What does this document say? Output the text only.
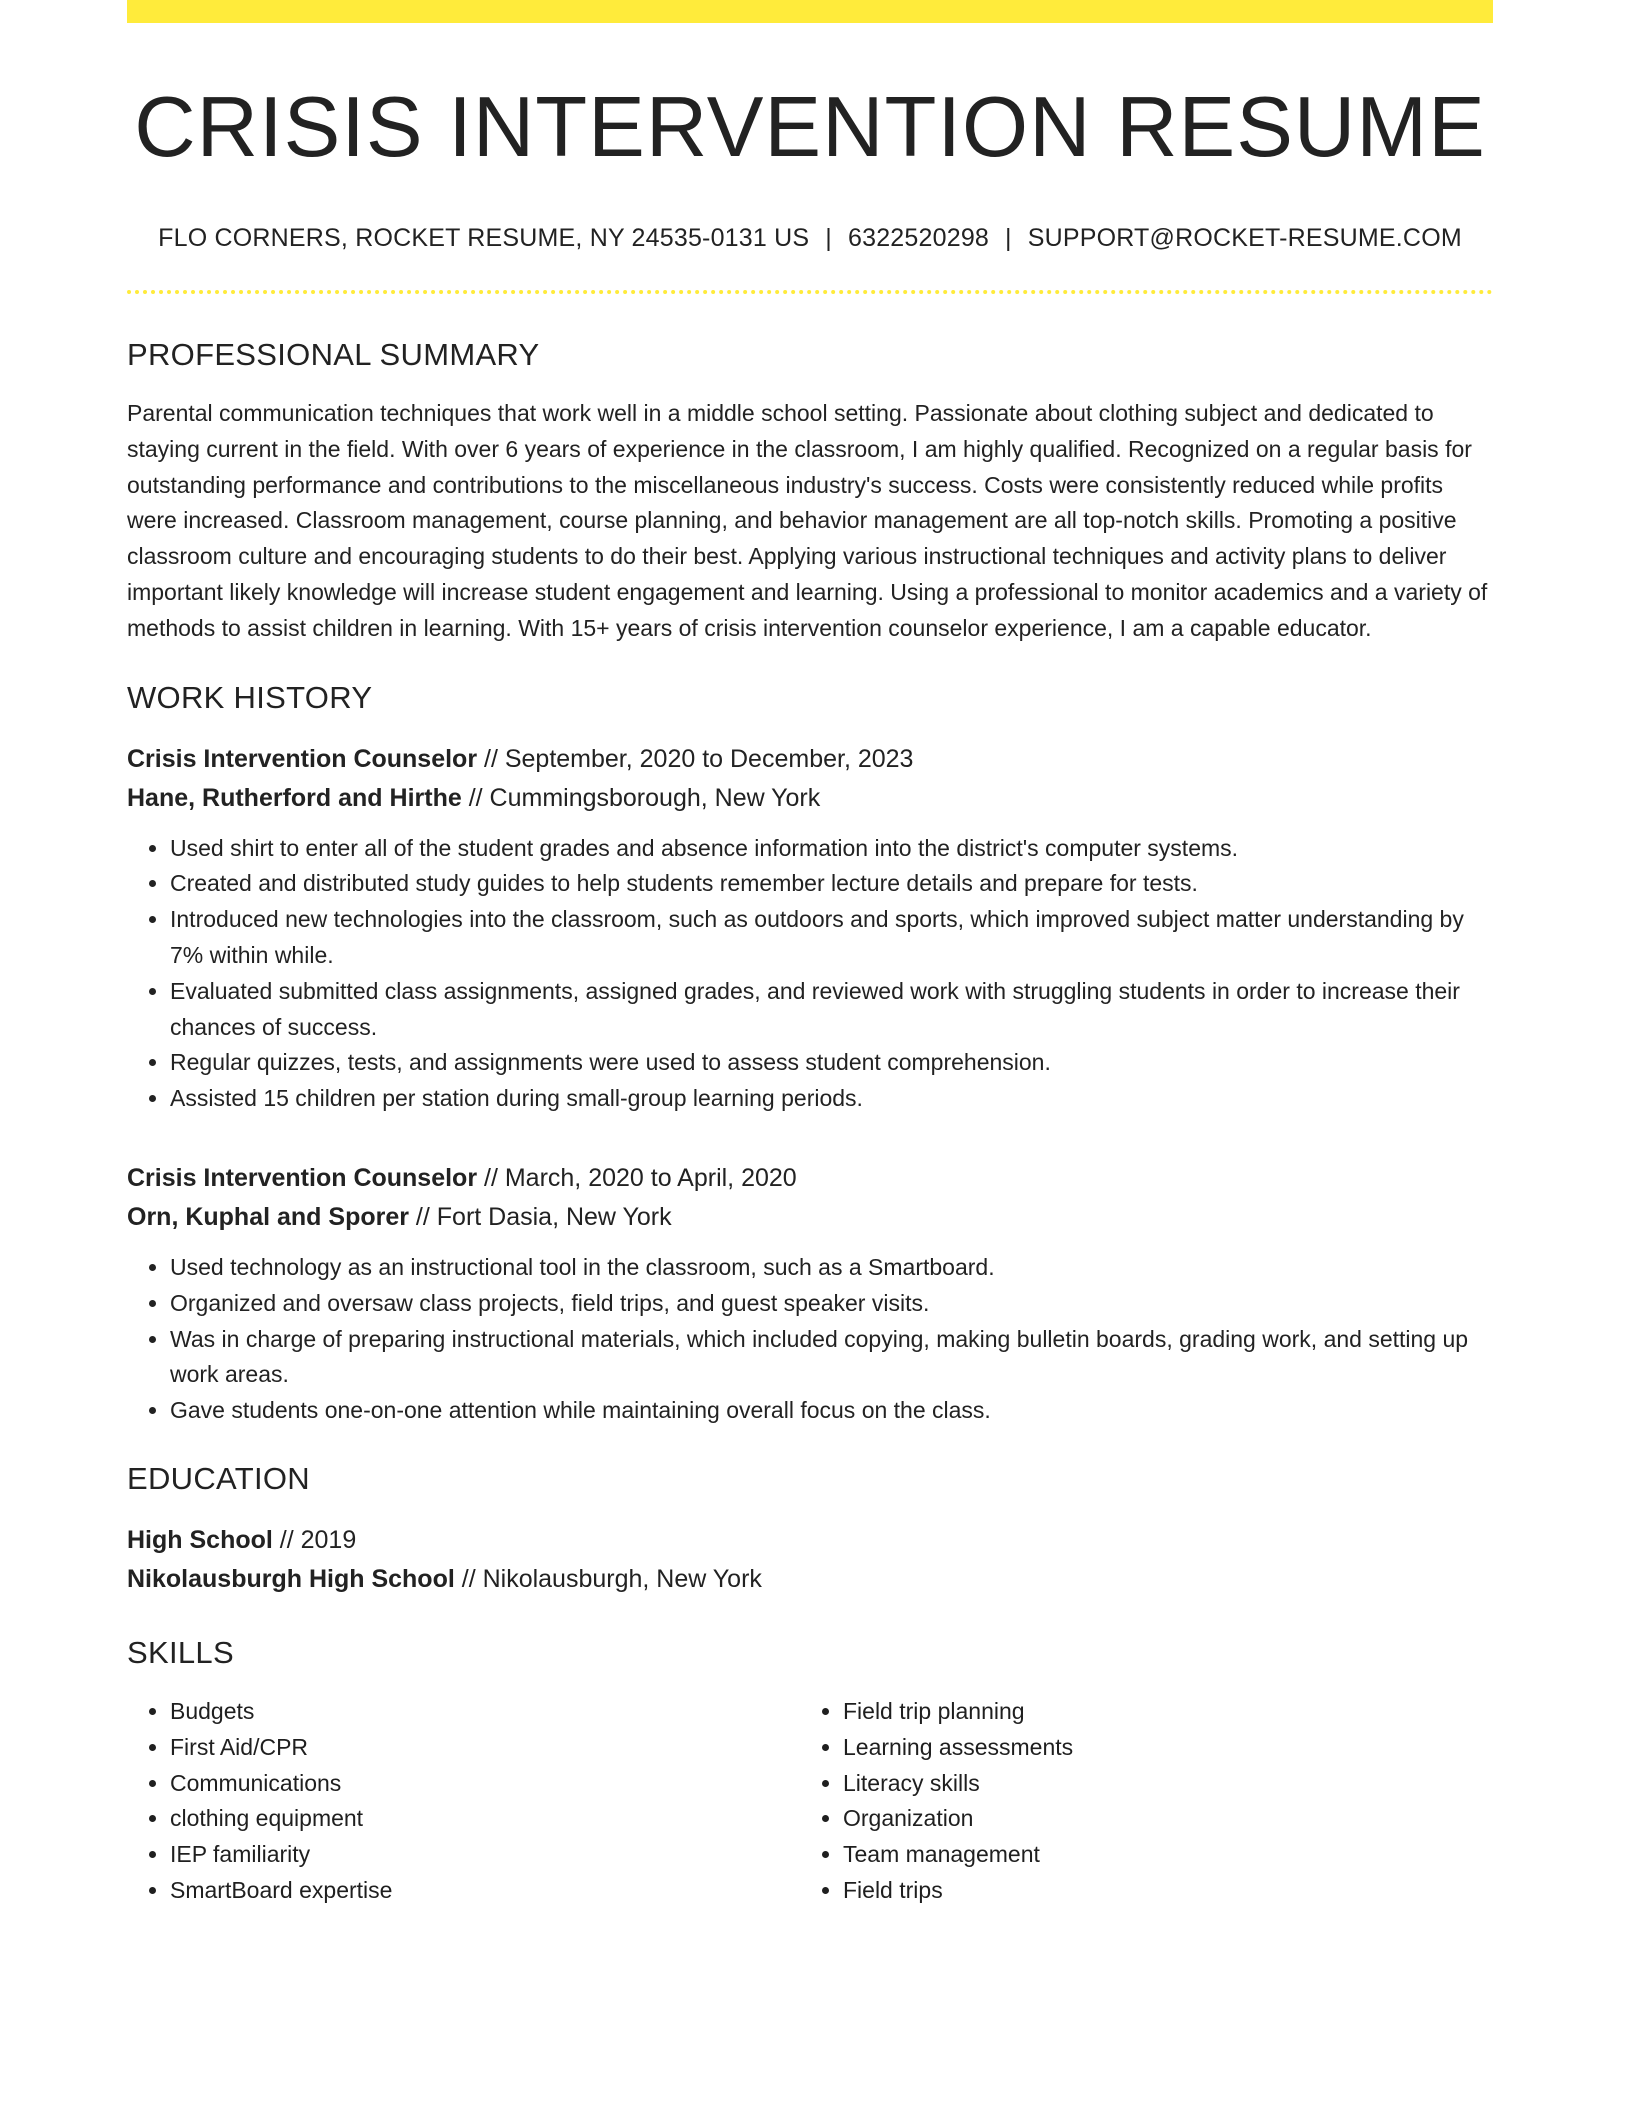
CRISIS INTERVENTION RESUME
FLO CORNERS, ROCKET RESUME, NY 24535-0131 US | 6322520298 | SUPPORT@ROCKET-RESUME.COM
PROFESSIONAL SUMMARY

Parental communication techniques that work well in a middle school setting. Passionate about clothing subject and dedicated to staying current in the field. With over 6 years of experience in the classroom, I am highly qualified. Recognized on a regular basis for outstanding performance and contributions to the miscellaneous industry's success. Costs were consistently reduced while profits were increased. Classroom management, course planning, and behavior management are all top-notch skills. Promoting a positive classroom culture and encouraging students to do their best. Applying various instructional techniques and activity plans to deliver important likely knowledge will increase student engagement and learning. Using a professional to monitor academics and a variety of methods to assist children in learning. With 15+ years of crisis intervention counselor experience, I am a capable educator.

WORK HISTORY
Crisis Intervention Counselor // September, 2020 to December, 2023
Hane, Rutherford and Hirthe // Cummingsborough, New York
• Used shirt to enter all of the student grades and absence information into the district's computer systems.
• Created and distributed study guides to help students remember lecture details and prepare for tests.
• Introduced new technologies into the classroom, such as outdoors and sports, which improved subject matter understanding by 7% within while.
• Evaluated submitted class assignments, assigned grades, and reviewed work with struggling students in order to increase their chances of success.
• Regular quizzes, tests, and assignments were used to assess student comprehension.
• Assisted 15 children per station during small-group learning periods.
Crisis Intervention Counselor // March, 2020 to April, 2020
Orn, Kuphal and Sporer // Fort Dasia, New York
• Used technology as an instructional tool in the classroom, such as a Smartboard.
• Organized and oversaw class projects, field trips, and guest speaker visits.
• Was in charge of preparing instructional materials, which included copying, making bulletin boards, grading work, and setting up work areas.
• Gave students one-on-one attention while maintaining overall focus on the class.
EDUCATION
High School // 2019
Nikolausburgh High School // Nikolausburgh, New York
SKILLS
• Budgets
• First Aid/CPR
• Communications
• clothing equipment
• IEP familiarity
• SmartBoard expertise
• Field trip planning
• Learning assessments
• Literacy skills
• Organization
• Team management
• Field trips
